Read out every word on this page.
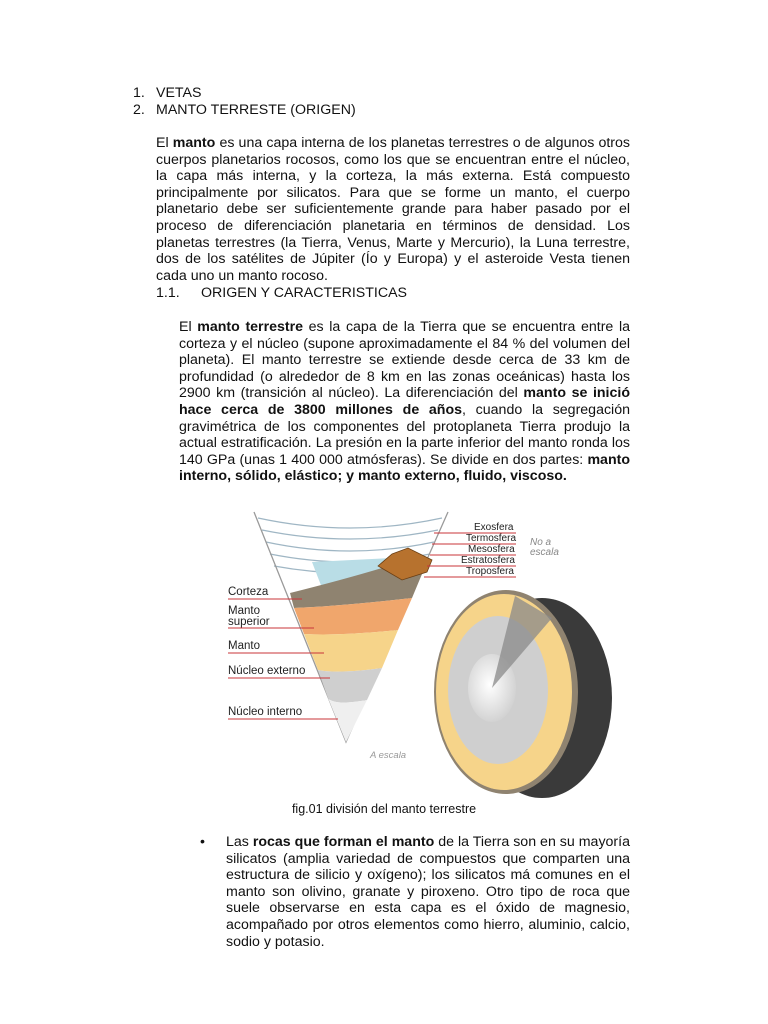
1. VETAS
2. MANTO TERRESTE (ORIGEN)
El manto es una capa interna de los planetas terrestres o de algunos otros cuerpos planetarios rocosos, como los que se encuentran entre el núcleo, la capa más interna, y la corteza, la más externa. Está compuesto principalmente por silicatos. Para que se forme un manto, el cuerpo planetario debe ser suficientemente grande para haber pasado por el proceso de diferenciación planetaria en términos de densidad. Los planetas terrestres (la Tierra, Venus, Marte y Mercurio), la Luna terrestre, dos de los satélites de Júpiter (Ío y Europa) y el asteroide Vesta tienen cada uno un manto rocoso.
1.1.	ORIGEN Y CARACTERISTICAS
El manto terrestre es la capa de la Tierra que se encuentra entre la corteza y el núcleo (supone aproximadamente el 84 % del volumen del planeta). El manto terrestre se extiende desde cerca de 33 km de profundidad (o alrededor de 8 km en las zonas oceánicas) hasta los 2900 km (transición al núcleo). La diferenciación del manto se inició hace cerca de 3800 millones de años, cuando la segregación gravimétrica de los componentes del protoplaneta Tierra produjo la actual estratificación. La presión en la parte inferior del manto ronda los 140 GPa (unas 1 400 000 atmósferas). Se divide en dos partes: manto interno, sólido, elástico; y manto externo, fluido, viscoso.
Exosfera
Termosfera
Mesosfera
Estratosfera
Troposfera
No a
escala
Corteza
Manto
superior
Manto
Núcleo externo
Núcleo interno
A escala
fig.01 división del manto terrestre
•	Las rocas que forman el manto de la Tierra son en su mayoría silicatos (amplia variedad de compuestos que comparten una estructura de silicio y oxígeno); los silicatos má comunes en el manto son olivino, granate y piroxeno. Otro tipo de roca que suele observarse en esta capa es el óxido de magnesio, acompañado por otros elementos como hierro, aluminio, calcio, sodio y potasio.
